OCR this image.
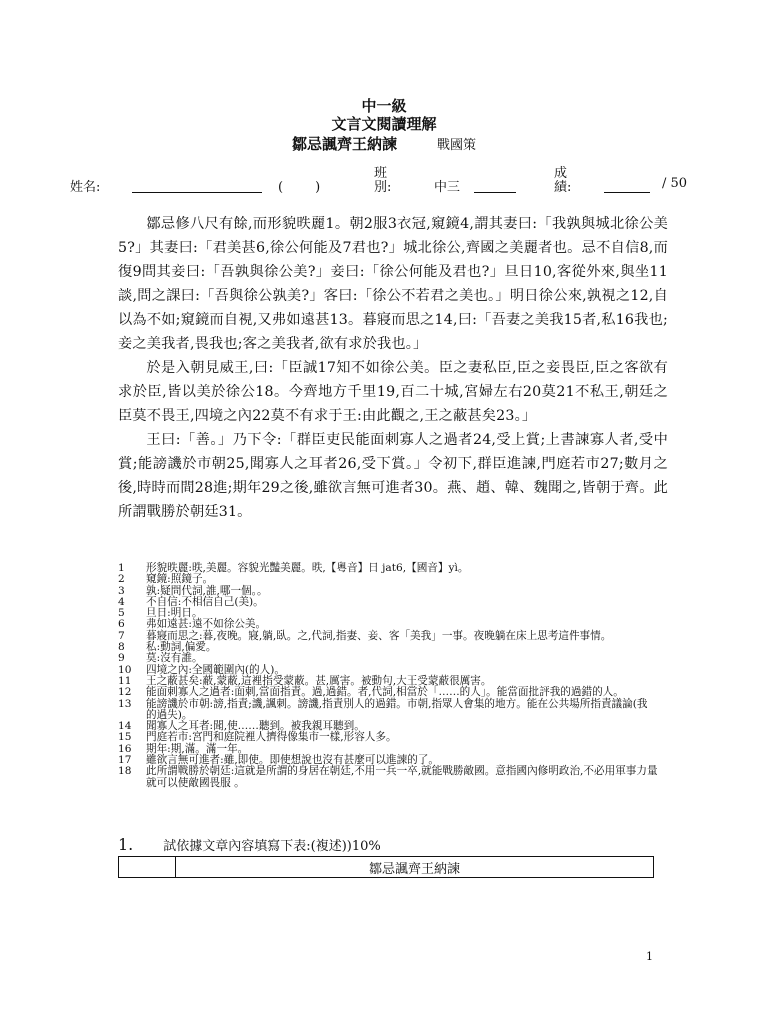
中一級
文言文閱讀理解
鄒忌諷齊王納諫	戰國策
姓名:	(　　)
班
別:	中三
成
績:	/ 50

鄒忌修八尺有餘,而形貌昳麗1。朝2服3衣冠,窺鏡4,謂其妻曰:「我孰與城北徐公美5?」其妻曰:「君美甚6,徐公何能及7君也?」城北徐公,齊國之美麗者也。忌不自信8,而復9問其妾曰:「吾孰與徐公美?」妾曰:「徐公何能及君也?」旦日10,客從外來,與坐11談,問之課曰:「吾與徐公孰美?」客曰:「徐公不若君之美也。」明日徐公來,孰視之12,自以為不如;窺鏡而自視,又弗如遠甚13。暮寢而思之14,曰:「吾妻之美我15者,私16我也;妾之美我者,畏我也;客之美我者,欲有求於我也。」

於是入朝見威王,曰:「臣誠17知不如徐公美。臣之妻私臣,臣之妾畏臣,臣之客欲有求於臣,皆以美於徐公18。今齊地方千里19,百二十城,宮婦左右20莫21不私王,朝廷之臣莫不畏王,四境之內22莫不有求于王:由此觀之,王之蔽甚矣23。」

王曰:「善。」乃下令:「群臣吏民能面刺寡人之過者24,受上賞;上書諫寡人者,受中賞;能謗譏於市朝25,聞寡人之耳者26,受下賞。」令初下,群臣進諫,門庭若市27;數月之後,時時而間28進;期年29之後,雖欲言無可進者30。燕、趙、韓、魏聞之,皆朝于齊。此所謂戰勝於朝廷31。

1	形貌昳麗:昳,美麗。容貌光豔美麗。昳,【粵音】日 jat6,【國音】yì。
2	窺鏡:照鏡子。
3	孰:疑問代詞,誰,哪一個。。
4	不自信:不相信自己(美)。
5	旦日:明日。
6	弗如遠甚:遠不如徐公美。
7	暮寢而思之:暮,夜晚。寢,躺,臥。之,代詞,指妻、妾、客「美我」一事。夜晚躺在床上思考這件事情。
8	私:動詞,偏愛。
9	莫:沒有誰。
10	四境之內:全國範圍內(的人)。
11	王之蔽甚矣:蔽,蒙蔽,這裡指受蒙蔽。甚,厲害。被動句,大王受蒙蔽很厲害。
12	能面刺寡人之過者:面刺,當面指責。過,過錯。者,代詞,相當於「……的人」。能當面批評我的過錯的人。
13	能謗譏於市朝:謗,指責;譏,諷刺。謗譏,指責別人的過錯。市朝,指眾人會集的地方。能在公共場所指責議論(我的過失)。
14	聞寡人之耳者:聞,使……聽到。被我親耳聽到。
15	門庭若市:宮門和庭院裡人擠得像集市一樣,形容人多。
16	期年:期,滿。滿一年。
17	雖欲言無可進者:雖,即使。即使想說也沒有甚麼可以進諫的了。
18	此所謂戰勝於朝廷:這就是所謂的身居在朝廷,不用一兵一卒,就能戰勝敵國。意指國內修明政治,不必用軍事力量就可以使敵國畏服 。
1. 試依據文章內容填寫下表:(複述))10%
	鄒忌諷齊王納諫
1
